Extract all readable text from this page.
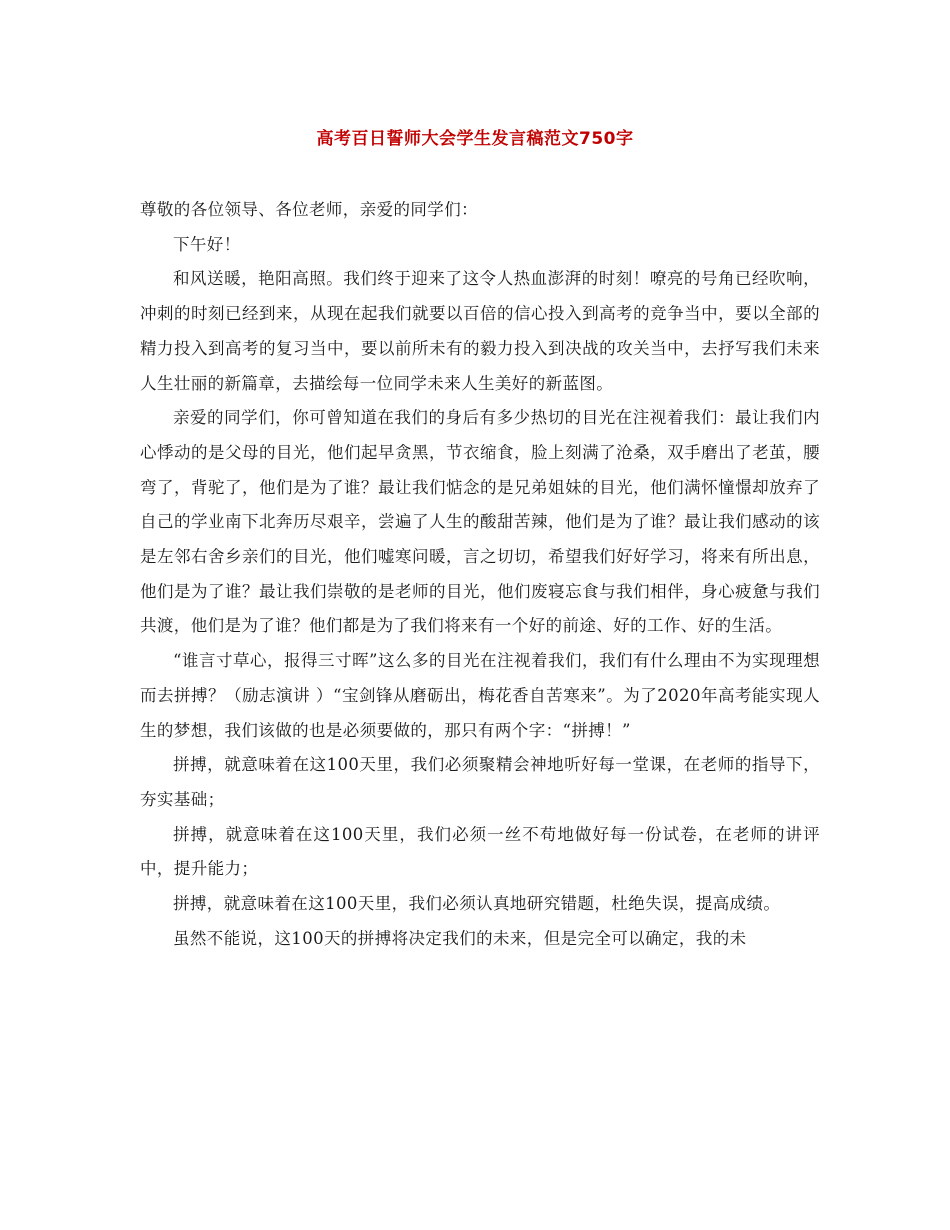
高考百日誓师大会学生发言稿范文750字

尊敬的各位领导、各位老师，亲爱的同学们：

下午好！

和风送暖，艳阳高照。我们终于迎来了这令人热血澎湃的时刻！嘹亮的号角已经吹响，冲刺的时刻已经到来，从现在起我们就要以百倍的信心投入到高考的竞争当中，要以全部的精力投入到高考的复习当中，要以前所未有的毅力投入到决战的攻关当中，去抒写我们未来人生壮丽的新篇章，去描绘每一位同学未来人生美好的新蓝图。

亲爱的同学们，你可曾知道在我们的身后有多少热切的目光在注视着我们：最让我们内心悸动的是父母的目光，他们起早贪黑，节衣缩食，脸上刻满了沧桑，双手磨出了老茧，腰弯了，背驼了，他们是为了谁？最让我们惦念的是兄弟姐妹的目光，他们满怀憧憬却放弃了自己的学业南下北奔历尽艰辛，尝遍了人生的酸甜苦辣，他们是为了谁？最让我们感动的该是左邻右舍乡亲们的目光，他们嘘寒问暖，言之切切，希望我们好好学习，将来有所出息，他们是为了谁？最让我们崇敬的是老师的目光，他们废寝忘食与我们相伴，身心疲惫与我们共渡，他们是为了谁？他们都是为了我们将来有一个好的前途、好的工作、好的生活。

“谁言寸草心，报得三寸晖”这么多的目光在注视着我们，我们有什么理由不为实现理想而去拼搏？（励志演讲 ）“宝剑锋从磨砺出，梅花香自苦寒来”。为了2020年高考能实现人生的梦想，我们该做的也是必须要做的，那只有两个字：“拼搏！”

拼搏，就意味着在这100天里，我们必须聚精会神地听好每一堂课，在老师的指导下，夯实基础；

拼搏，就意味着在这100天里，我们必须一丝不苟地做好每一份试卷，在老师的讲评中，提升能力；

拼搏，就意味着在这100天里，我们必须认真地研究错题，杜绝失误，提高成绩。

虽然不能说，这100天的拼搏将决定我们的未来，但是完全可以确定，我的未
